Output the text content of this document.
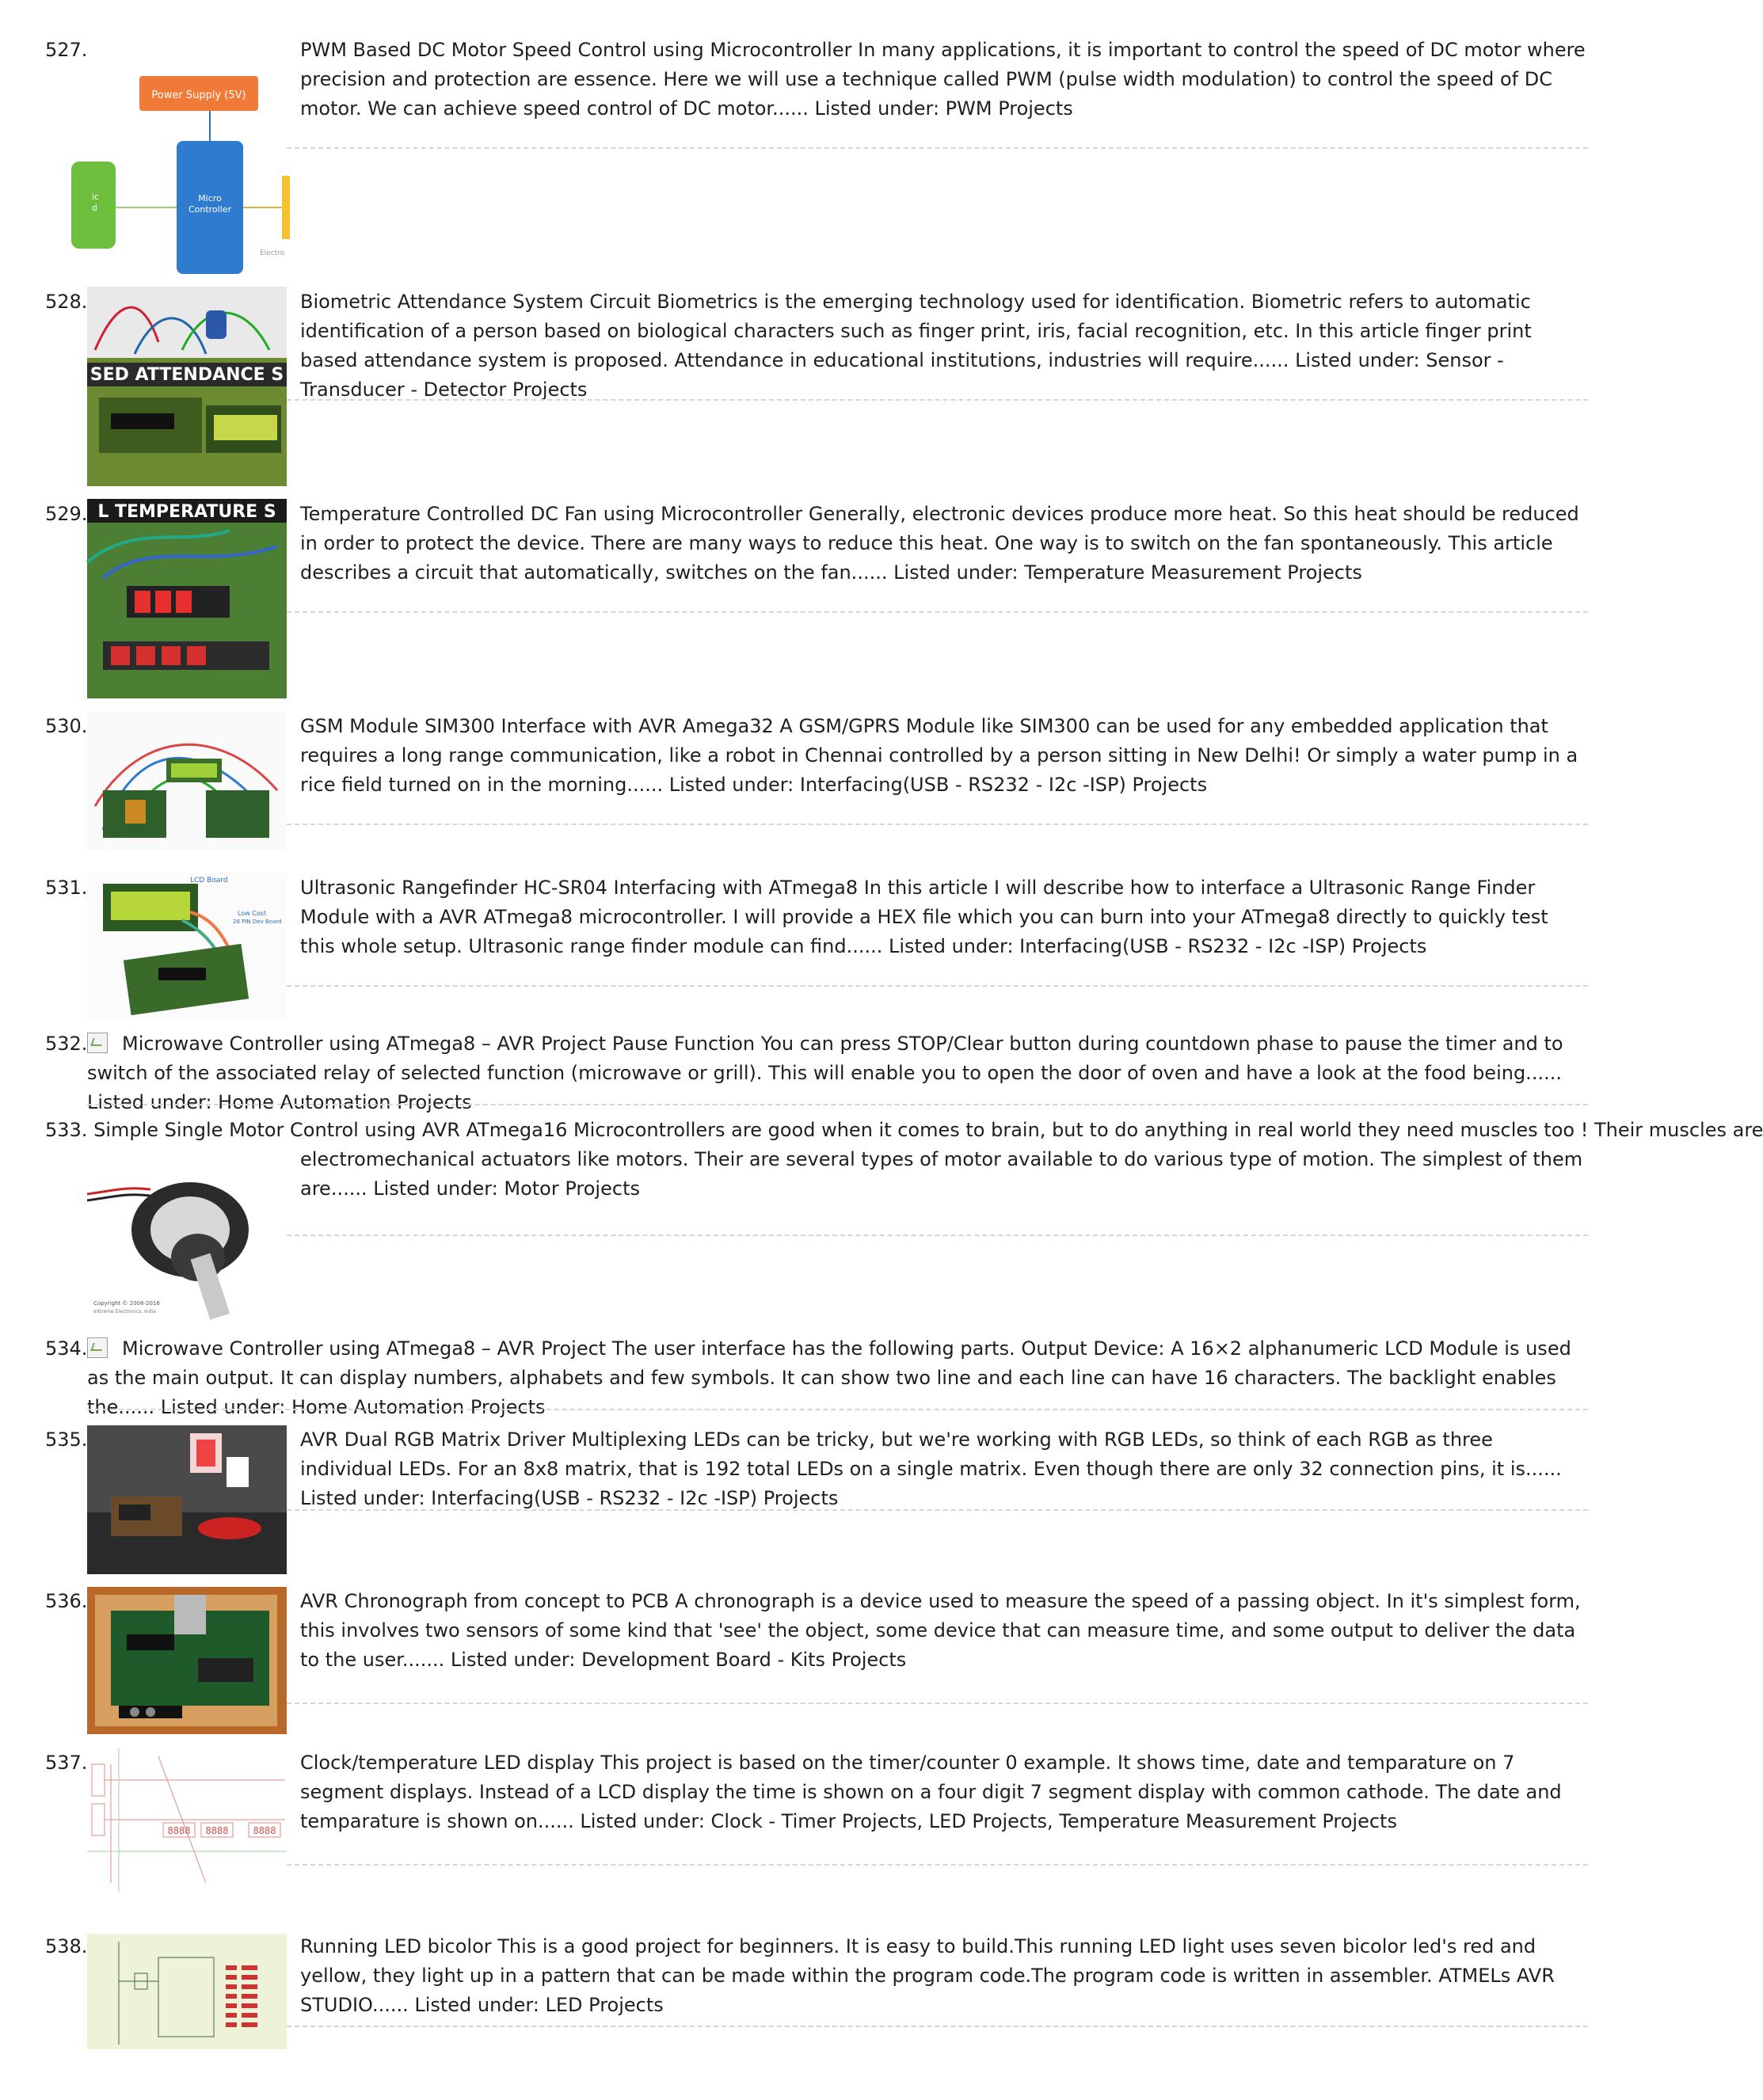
527.
Power Supply (5V)
Micro
Controller
ic
d
Electro
PWM Based DC Motor Speed Control using Microcontroller In many applications, it is important to control the speed of DC motor where precision and protection are essence. Here we will use a technique called PWM (pulse width modulation) to control the speed of DC motor. We can achieve speed control of DC motor...... Listed under: PWM Projects
528.
SED ATTENDANCE S
Biometric Attendance System Circuit Biometrics is the emerging technology used for identification. Biometric refers to automatic identification of a person based on biological characters such as finger print, iris, facial recognition, etc. In this article finger print based attendance system is proposed. Attendance in educational institutions, industries will require...... Listed under: Sensor - Transducer - Detector Projects
529. L TEMPERATURE S Temperature Controlled DC Fan using Microcontroller Generally, electronic devices produce more heat. So this heat should be reduced in order to protect the device. There are many ways to reduce this heat. One way is to switch on the fan spontaneously. This article describes a circuit that automatically, switches on the fan...... Listed under: Temperature Measurement Projects
530.	GSM Module SIM300 Interface with AVR Amega32 A GSM/GPRS Module like SIM300 can be used for any embedded application that requires a long range communication, like a robot in Chennai controlled by a person sitting in New Delhi! Or simply a water pump in a rice field turned on in the morning...... Listed under: Interfacing(USB - RS232 - I2c -ISP) Projects
531.	LCD Board
Low Cost
28 PIN Dev Board
Ultrasonic Rangefinder HC-SR04 Interfacing with ATmega8 In this article I will describe how to interface a Ultrasonic Range Finder Module with a AVR ATmega8 microcontroller. I will provide a HEX file which you can burn into your ATmega8 directly to quickly test this whole setup. Ultrasonic range finder module can find...... Listed under: Interfacing(USB - RS232 - I2c -ISP) Projects
532.	Microwave Controller using ATmega8 – AVR Project Pause Function You can press STOP/Clear button during countdown phase to pause the timer and to switch of the associated relay of selected function (microwave or grill). This will enable you to open the door of oven and have a look at the food being...... Listed under: Home Automation Projects
533. Simple Single Motor Control using AVR ATmega16 Microcontrollers are good when it comes to brain, but to do anything in real world they need muscles too ! Their muscles are
Copyright © 2008-2016
eXtreme Electronics, India
electromechanical actuators like motors. Their are several types of motor available to do various type of motion. The simplest of them are...... Listed under: Motor Projects
534.	Microwave Controller using ATmega8 – AVR Project The user interface has the following parts. Output Device: A 16×2 alphanumeric LCD Module is used as the main output. It can display numbers, alphabets and few symbols. It can show two line and each line can have 16 characters. The backlight enables the...... Listed under: Home Automation Projects
535.	AVR Dual RGB Matrix Driver Multiplexing LEDs can be tricky, but we're working with RGB LEDs, so think of each RGB as three individual LEDs. For an 8x8 matrix, that is 192 total LEDs on a single matrix. Even though there are only 32 connection pins, it is...... Listed under: Interfacing(USB - RS232 - I2c -ISP) Projects
536.	AVR Chronograph from concept to PCB A chronograph is a device used to measure the speed of a passing object. In it's simplest form, this involves two sensors of some kind that 'see' the object, some device that can measure time, and some output to deliver the data to the user....... Listed under: Development Board - Kits Projects
537.
8888 8888	8888
Clock/temperature LED display This project is based on the timer/counter 0 example. It shows time, date and temparature on 7 segment displays. Instead of a LCD display the time is shown on a four digit 7 segment display with common cathode. The date and temparature is shown on...... Listed under: Clock - Timer Projects, LED Projects, Temperature Measurement Projects
538.	Running LED bicolor This is a good project for beginners. It is easy to build.This running LED light uses seven bicolor led's red and yellow, they light up in a pattern that can be made within the program code.The program code is written in assembler. ATMELs AVR STUDIO...... Listed under: LED Projects
